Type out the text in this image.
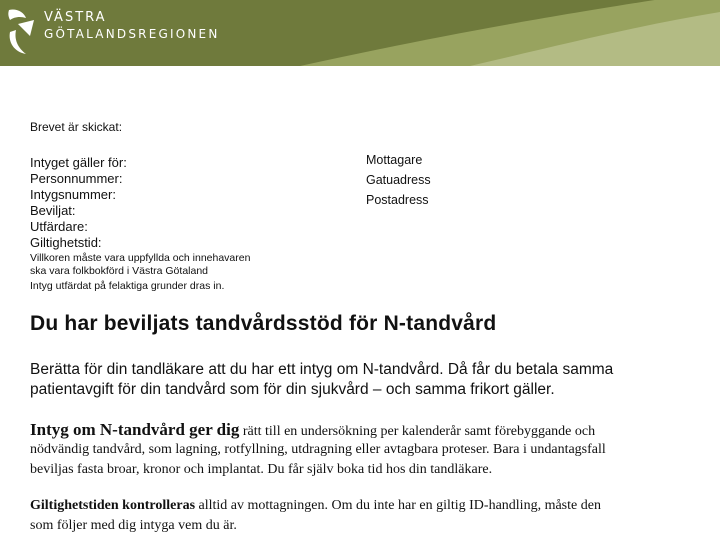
VÄSTRA
GÖTALANDSREGIONEN
Brevet är skickat:
Intyget gäller för:
Personnummer:
Intygsnummer:
Beviljat:
Utfärdare:
Giltighetstid:
Villkoren måste vara uppfyllda och innehavaren
ska vara folkbokförd i Västra Götaland
Intyg utfärdat på felaktiga grunder dras in.
Mottagare
Gatuadress
Postadress
Du har beviljats tandvårdsstöd för N-tandvård
Berätta för din tandläkare att du har ett intyg om N-tandvård. Då får du betala samma
patientavgift för din tandvård som för din sjukvård – och samma frikort gäller.
Intyg om N-tandvård ger dig rätt till en undersökning per kalenderår samt förebyggande och
nödvändig tandvård, som lagning, rotfyllning, utdragning eller avtagbara proteser. Bara i undantagsfall
beviljas fasta broar, kronor och implantat. Du får själv boka tid hos din tandläkare.
Giltighetstiden kontrolleras alltid av mottagningen. Om du inte har en giltig ID-handling, måste den
som följer med dig intyga vem du är.
